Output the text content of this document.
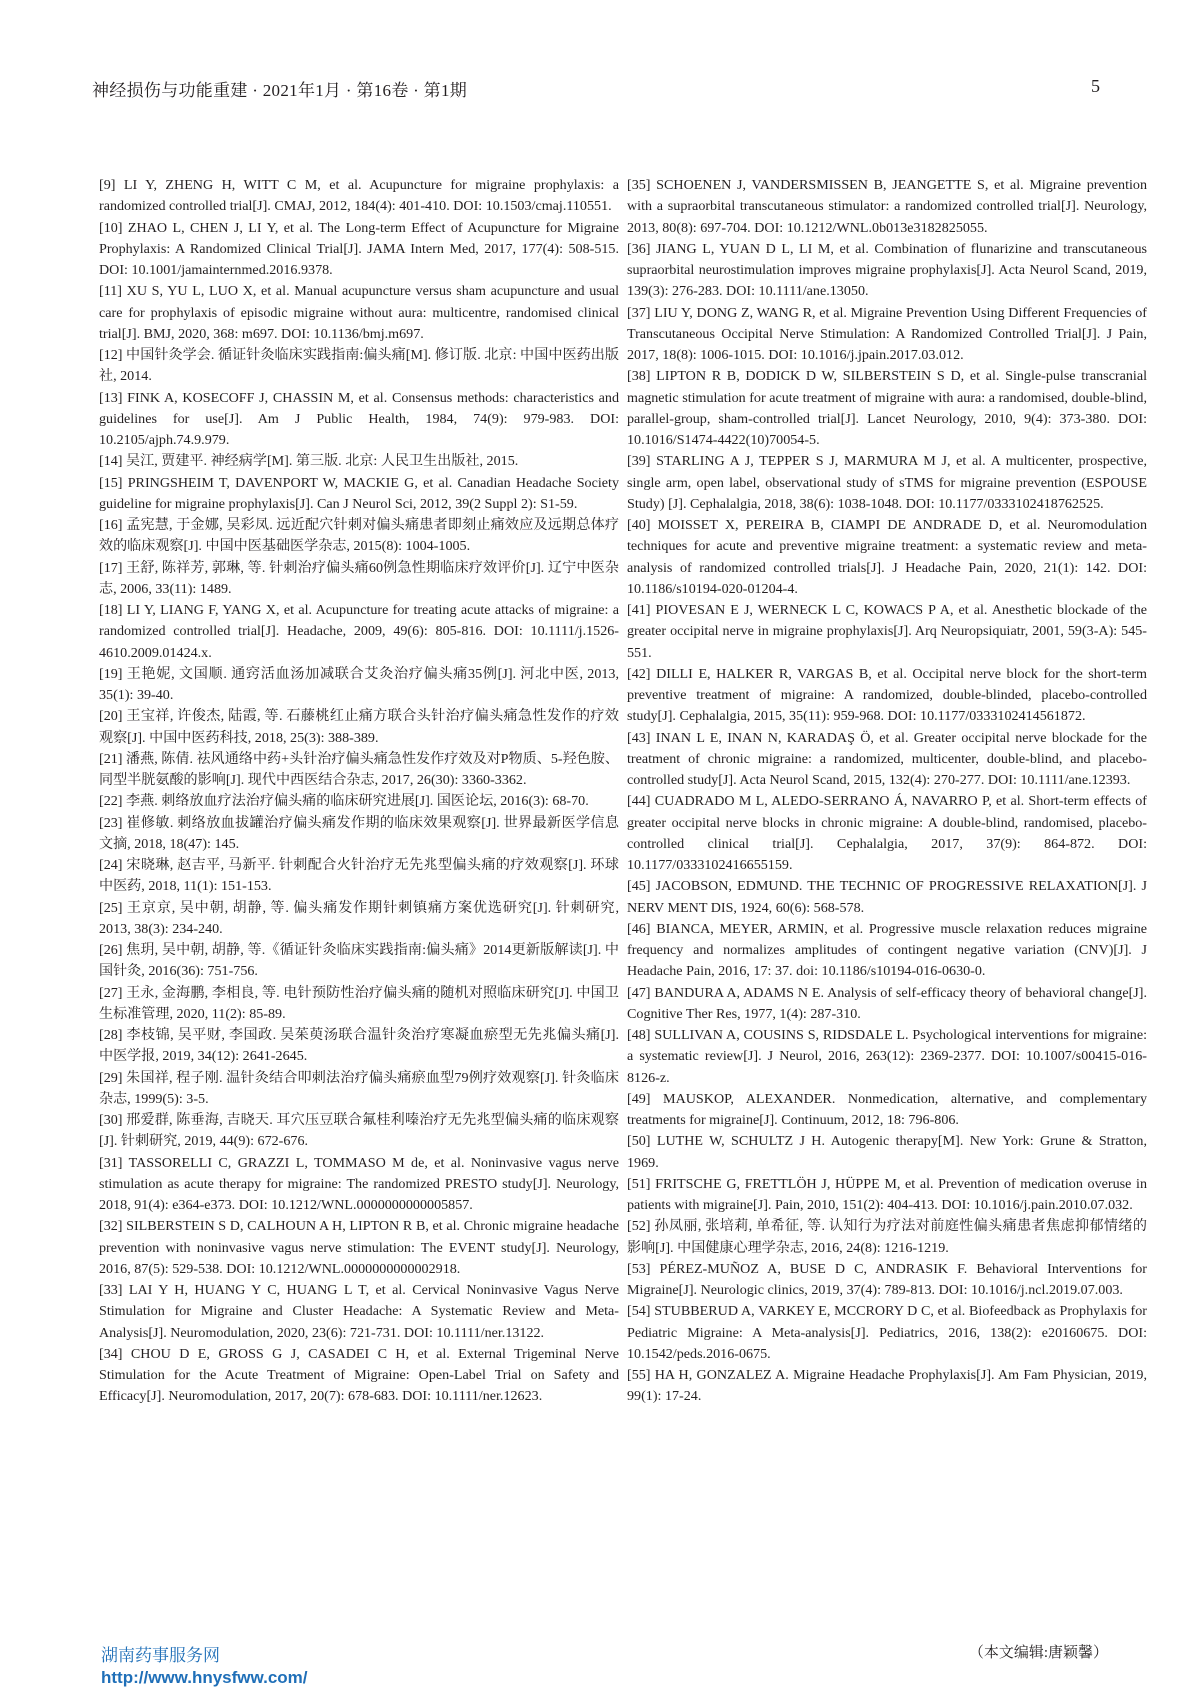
神经损伤与功能重建 · 2021年1月 · 第16卷 · 第1期	5

[9] LI Y, ZHENG H, WITT C M, et al. Acupuncture for migraine prophylaxis: a randomized controlled trial[J]. CMAJ, 2012, 184(4): 401-410. DOI: 10.1503/cmaj.110551.

[10] ZHAO L, CHEN J, LI Y, et al. The Long-term Effect of Acupuncture for Migraine Prophylaxis: A Randomized Clinical Trial[J]. JAMA Intern Med, 2017, 177(4): 508-515. DOI: 10.1001/jamainternmed.2016.9378.

[11] XU S, YU L, LUO X, et al. Manual acupuncture versus sham acupuncture and usual care for prophylaxis of episodic migraine without aura: multicentre, randomised clinical trial[J]. BMJ, 2020, 368: m697. DOI: 10.1136/bmj.m697.

[12] 中国针灸学会. 循证针灸临床实践指南:偏头痛[M]. 修订版. 北京: 中国中医药出版社, 2014.

[13] FINK A, KOSECOFF J, CHASSIN M, et al. Consensus methods: characteristics and guidelines for use[J]. Am J Public Health, 1984, 74(9): 979-983. DOI: 10.2105/ajph.74.9.979.

[14] 吴江, 贾建平. 神经病学[M]. 第三版. 北京: 人民卫生出版社, 2015.

[15] PRINGSHEIM T, DAVENPORT W, MACKIE G, et al. Canadian Headache Society guideline for migraine prophylaxis[J]. Can J Neurol Sci, 2012, 39(2 Suppl 2): S1-59.

[16] 孟宪慧, 于金娜, 吴彩凤. 远近配穴针刺对偏头痛患者即刻止痛效应及远期总体疗效的临床观察[J]. 中国中医基础医学杂志, 2015(8): 1004-1005.

[17] 王舒, 陈祥芳, 郭琳, 等. 针刺治疗偏头痛60例急性期临床疗效评价[J]. 辽宁中医杂志, 2006, 33(11): 1489.

[18] LI Y, LIANG F, YANG X, et al. Acupuncture for treating acute attacks of migraine: a randomized controlled trial[J]. Headache, 2009, 49(6): 805-816. DOI: 10.1111/j.1526-4610.2009.01424.x.

[19] 王艳妮, 文国顺. 通窍活血汤加减联合艾灸治疗偏头痛35例[J]. 河北中医, 2013, 35(1): 39-40.

[20] 王宝祥, 许俊杰, 陆霞, 等. 石藤桃红止痛方联合头针治疗偏头痛急性发作的疗效观察[J]. 中国中医药科技, 2018, 25(3): 388-389.

[21] 潘燕, 陈倩. 祛风通络中药+头针治疗偏头痛急性发作疗效及对P物质、5-羟色胺、同型半胱氨酸的影响[J]. 现代中西医结合杂志, 2017, 26(30): 3360-3362.

[22] 李燕. 刺络放血疗法治疗偏头痛的临床研究进展[J]. 国医论坛, 2016(3): 68-70.

[23] 崔修敏. 刺络放血拔罐治疗偏头痛发作期的临床效果观察[J]. 世界最新医学信息文摘, 2018, 18(47): 145.

[24] 宋晓琳, 赵吉平, 马新平. 针刺配合火针治疗无先兆型偏头痛的疗效观察[J]. 环球中医药, 2018, 11(1): 151-153.

[25] 王京京, 吴中朝, 胡静, 等. 偏头痛发作期针刺镇痛方案优选研究[J]. 针刺研究, 2013, 38(3): 234-240.

[26] 焦玥, 吴中朝, 胡静, 等.《循证针灸临床实践指南:偏头痛》2014更新版解读[J]. 中国针灸, 2016(36): 751-756.

[27] 王永, 金海鹏, 李相良, 等. 电针预防性治疗偏头痛的随机对照临床研究[J]. 中国卫生标准管理, 2020, 11(2): 85-89.

[28] 李枝锦, 吴平财, 李国政. 吴茱萸汤联合温针灸治疗寒凝血瘀型无先兆偏头痛[J]. 中医学报, 2019, 34(12): 2641-2645.

[29] 朱国祥, 程子刚. 温针灸结合叩刺法治疗偏头痛瘀血型79例疗效观察[J]. 针灸临床杂志, 1999(5): 3-5.

[30] 邢爱群, 陈垂海, 吉晓天. 耳穴压豆联合氟桂利嗪治疗无先兆型偏头痛的临床观察[J]. 针刺研究, 2019, 44(9): 672-676.

[31] TASSORELLI C, GRAZZI L, TOMMASO M de, et al. Noninvasive vagus nerve stimulation as acute therapy for migraine: The randomized PRESTO study[J]. Neurology, 2018, 91(4): e364-e373. DOI: 10.1212/WNL.0000000000005857.

[32] SILBERSTEIN S D, CALHOUN A H, LIPTON R B, et al. Chronic migraine headache prevention with noninvasive vagus nerve stimulation: The EVENT study[J]. Neurology, 2016, 87(5): 529-538. DOI: 10.1212/WNL.0000000000002918.

[33] LAI Y H, HUANG Y C, HUANG L T, et al. Cervical Noninvasive Vagus Nerve Stimulation for Migraine and Cluster Headache: A Systematic Review and Meta-Analysis[J]. Neuromodulation, 2020, 23(6): 721-731. DOI: 10.1111/ner.13122.

[34] CHOU D E, GROSS G J, CASADEI C H, et al. External Trigeminal Nerve Stimulation for the Acute Treatment of Migraine: Open-Label Trial on Safety and Efficacy[J]. Neuromodulation, 2017, 20(7): 678-683. DOI: 10.1111/ner.12623.

[35] SCHOENEN J, VANDERSMISSEN B, JEANGETTE S, et al. Migraine prevention with a supraorbital transcutaneous stimulator: a randomized controlled trial[J]. Neurology, 2013, 80(8): 697-704. DOI: 10.1212/WNL.0b013e3182825055.

[36] JIANG L, YUAN D L, LI M, et al. Combination of flunarizine and transcutaneous supraorbital neurostimulation improves migraine prophylaxis[J]. Acta Neurol Scand, 2019, 139(3): 276-283. DOI: 10.1111/ane.13050.

[37] LIU Y, DONG Z, WANG R, et al. Migraine Prevention Using Different Frequencies of Transcutaneous Occipital Nerve Stimulation: A Randomized Controlled Trial[J]. J Pain, 2017, 18(8): 1006-1015. DOI: 10.1016/j.jpain.2017.03.012.

[38] LIPTON R B, DODICK D W, SILBERSTEIN S D, et al. Single-pulse transcranial magnetic stimulation for acute treatment of migraine with aura: a randomised, double-blind, parallel-group, sham-controlled trial[J]. Lancet Neurology, 2010, 9(4): 373-380. DOI: 10.1016/S1474-4422(10)70054-5.

[39] STARLING A J, TEPPER S J, MARMURA M J, et al. A multicenter, prospective, single arm, open label, observational study of sTMS for migraine prevention (ESPOUSE Study) [J]. Cephalalgia, 2018, 38(6): 1038-1048. DOI: 10.1177/0333102418762525.

[40] MOISSET X, PEREIRA B, CIAMPI DE ANDRADE D, et al. Neuromodulation techniques for acute and preventive migraine treatment: a systematic review and meta-analysis of randomized controlled trials[J]. J Headache Pain, 2020, 21(1): 142. DOI: 10.1186/s10194-020-01204-4.

[41] PIOVESAN E J, WERNECK L C, KOWACS P A, et al. Anesthetic blockade of the greater occipital nerve in migraine prophylaxis[J]. Arq Neuropsiquiatr, 2001, 59(3-A): 545-551.

[42] DILLI E, HALKER R, VARGAS B, et al. Occipital nerve block for the short-term preventive treatment of migraine: A randomized, double-blinded, placebo-controlled study[J]. Cephalalgia, 2015, 35(11): 959-968. DOI: 10.1177/0333102414561872.

[43] INAN L E, INAN N, KARADAŞ Ö, et al. Greater occipital nerve blockade for the treatment of chronic migraine: a randomized, multicenter, double-blind, and placebo-controlled study[J]. Acta Neurol Scand, 2015, 132(4): 270-277. DOI: 10.1111/ane.12393.

[44] CUADRADO M L, ALEDO-SERRANO Á, NAVARRO P, et al. Short-term effects of greater occipital nerve blocks in chronic migraine: A double-blind, randomised, placebo-controlled clinical trial[J]. Cephalalgia, 2017, 37(9): 864-872. DOI: 10.1177/0333102416655159.

[45] JACOBSON, EDMUND. THE TECHNIC OF PROGRESSIVE RELAXATION[J]. J NERV MENT DIS, 1924, 60(6): 568-578.

[46] BIANCA, MEYER, ARMIN, et al. Progressive muscle relaxation reduces migraine frequency and normalizes amplitudes of contingent negative variation (CNV)[J]. J Headache Pain, 2016, 17: 37. doi: 10.1186/s10194-016-0630-0.

[47] BANDURA A, ADAMS N E. Analysis of self-efficacy theory of behavioral change[J]. Cognitive Ther Res, 1977, 1(4): 287-310.

[48] SULLIVAN A, COUSINS S, RIDSDALE L. Psychological interventions for migraine: a systematic review[J]. J Neurol, 2016, 263(12): 2369-2377. DOI: 10.1007/s00415-016-8126-z.

[49] MAUSKOP, ALEXANDER. Nonmedication, alternative, and complementary treatments for migraine[J]. Continuum, 2012, 18: 796-806.

[50] LUTHE W, SCHULTZ J H. Autogenic therapy[M]. New York: Grune & Stratton, 1969.

[51] FRITSCHE G, FRETTLÖH J, HÜPPE M, et al. Prevention of medication overuse in patients with migraine[J]. Pain, 2010, 151(2): 404-413. DOI: 10.1016/j.pain.2010.07.032.

[52] 孙凤丽, 张培莉, 单希征, 等. 认知行为疗法对前庭性偏头痛患者焦虑抑郁情绪的影响[J]. 中国健康心理学杂志, 2016, 24(8): 1216-1219.

[53] PÉREZ-MUÑOZ A, BUSE D C, ANDRASIK F. Behavioral Interventions for Migraine[J]. Neurologic clinics, 2019, 37(4): 789-813. DOI: 10.1016/j.ncl.2019.07.003.

[54] STUBBERUD A, VARKEY E, MCCRORY D C, et al. Biofeedback as Prophylaxis for Pediatric Migraine: A Meta-analysis[J]. Pediatrics, 2016, 138(2): e20160675. DOI: 10.1542/peds.2016-0675.

[55] HA H, GONZALEZ A. Migraine Headache Prophylaxis[J]. Am Fam Physician, 2019, 99(1): 17-24.

（本文编辑:唐颖馨）
湖南药事服务网
http://www.hnysfww.com/
